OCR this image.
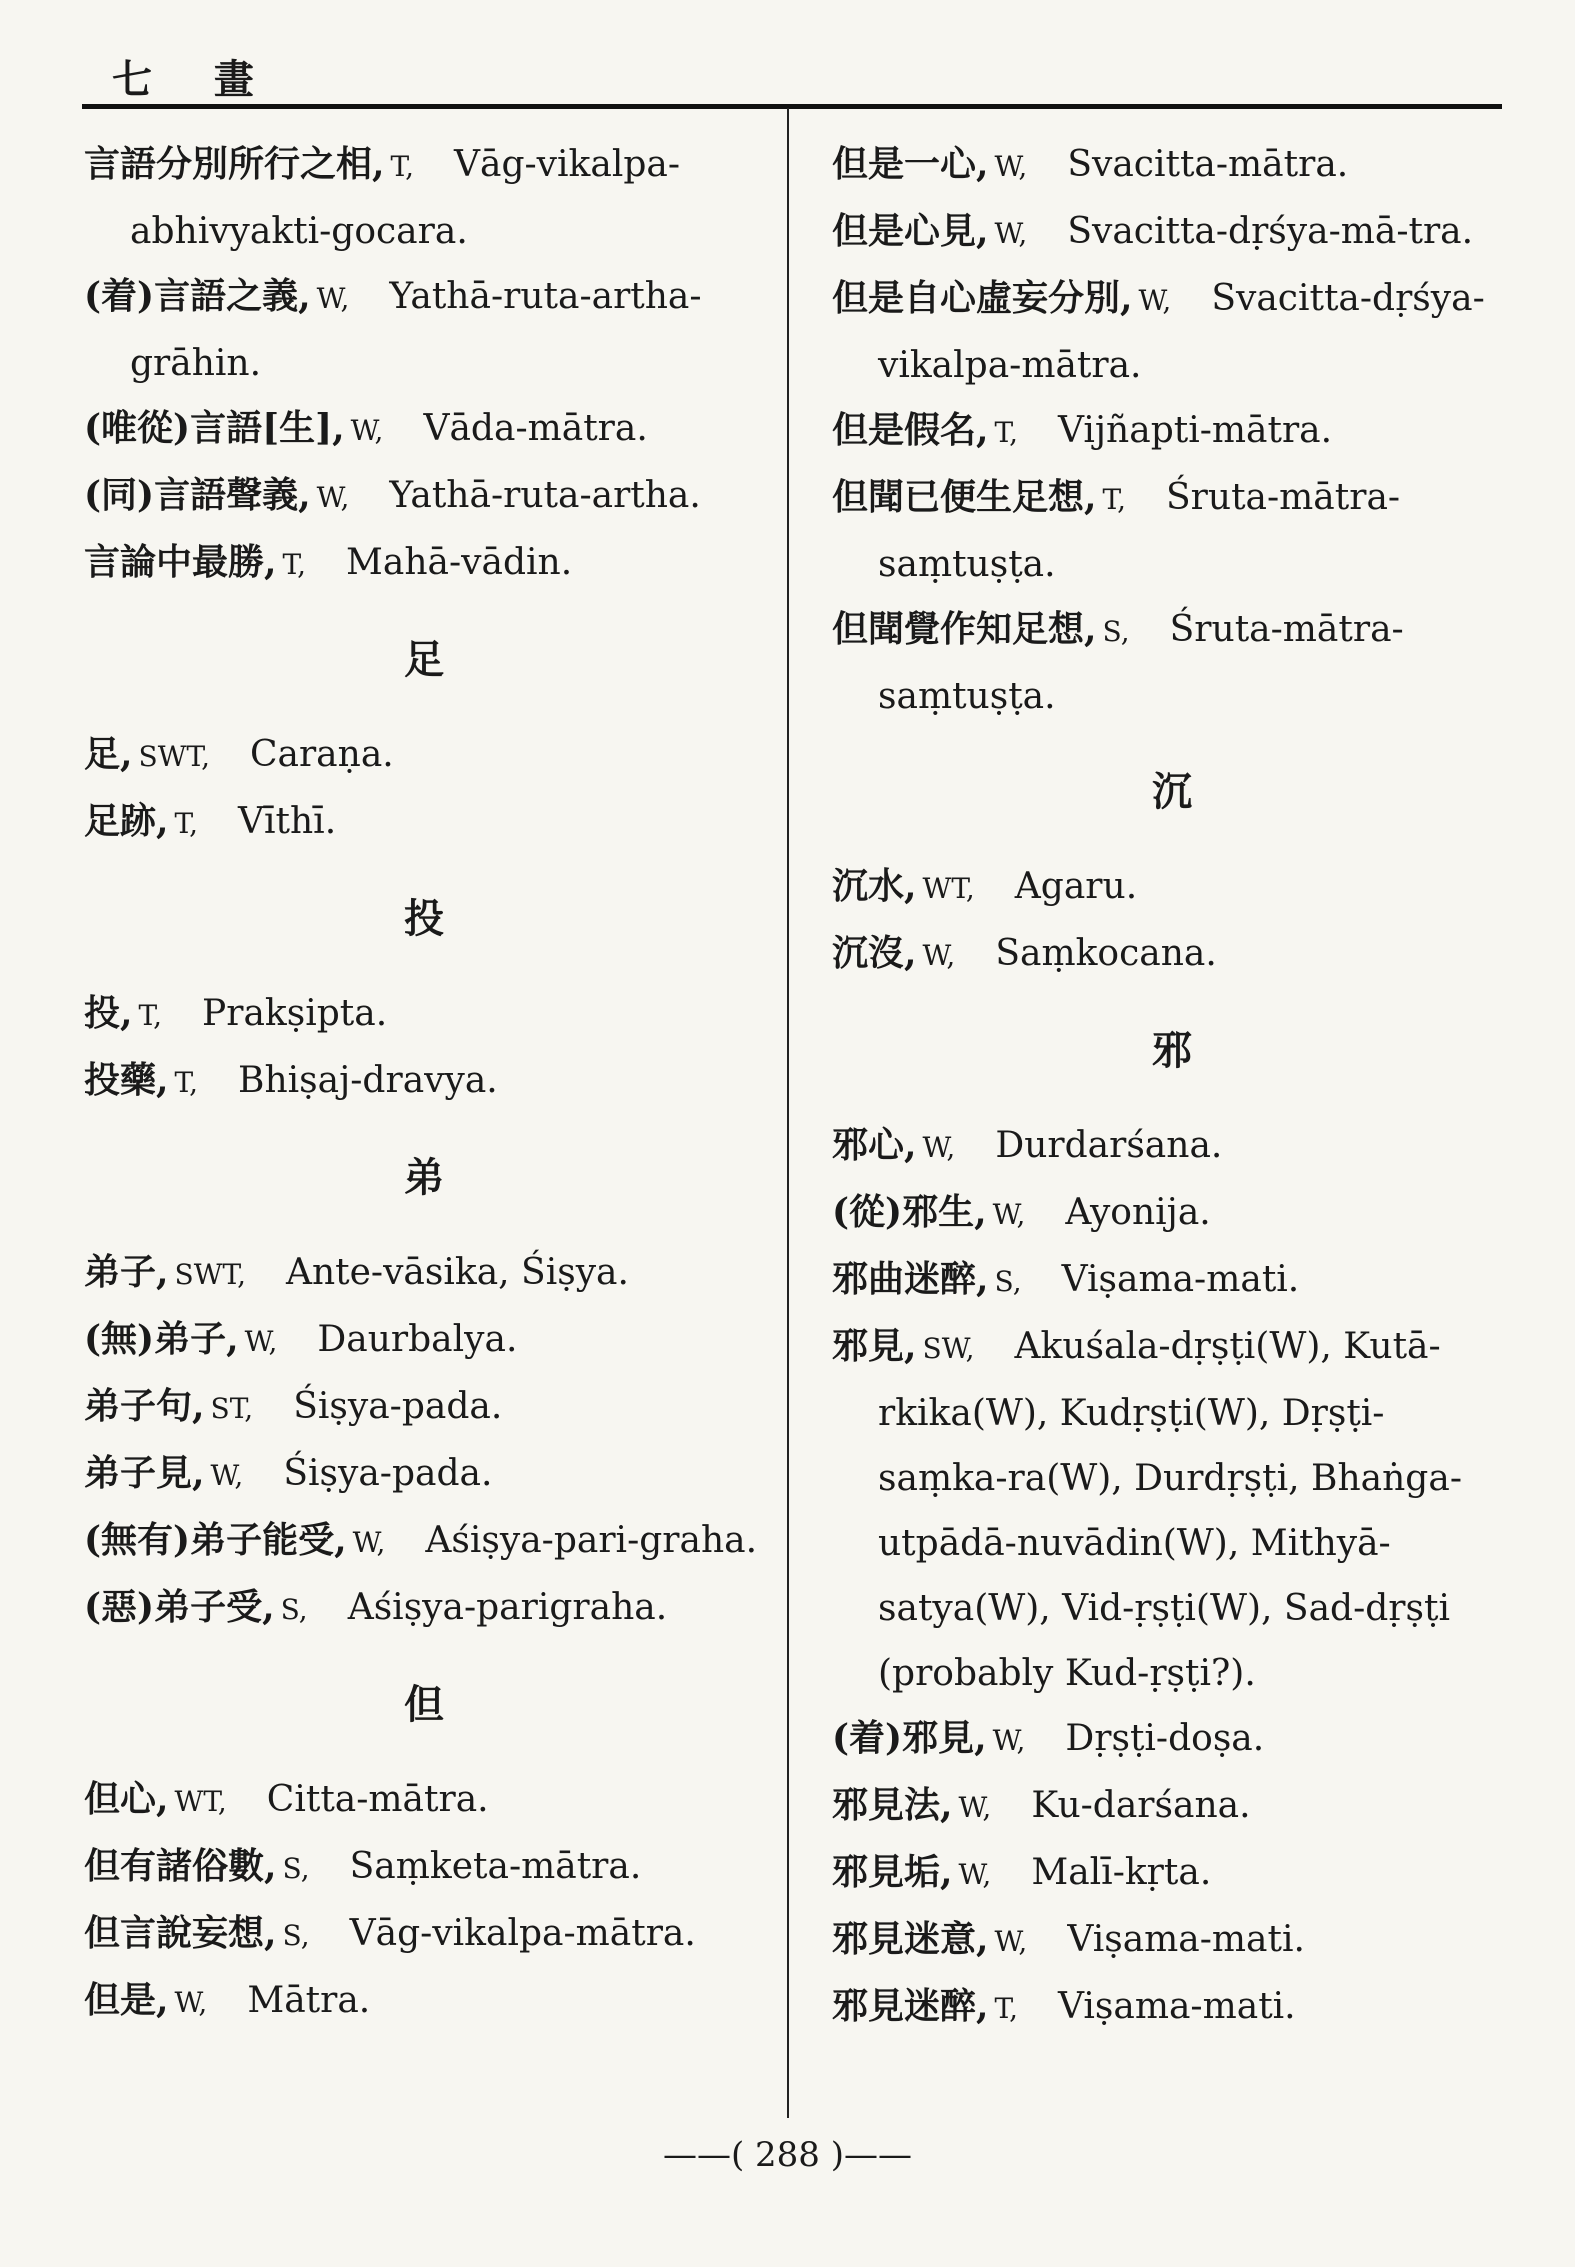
七 畫
言語分別所行之相, T, Vāg-vikalpa-abhivyakti-gocara.
(着)言語之義, W, Yathā-ruta-artha-grāhin.
(唯從)言語[生], W, Vāda-mātra.
(同)言語聲義, W, Yathā-ruta-artha.
言論中最勝, T, Mahā-vādin.
足
足, SWT, Caraṇa.
足跡, T, Vīthī.
投
投, T, Prakṣipta.
投藥, T, Bhiṣaj-dravya.
弟
弟子, SWT, Ante-vāsika, Śiṣya.
(無)弟子, W, Daurbalya.
弟子句, ST, Śiṣya-pada.
弟子見, W, Śiṣya-pada.
(無有)弟子能受, W, Aśiṣya-pari-graha.
(惡)弟子受, S, Aśiṣya-parigraha.
但
但心, WT, Citta-mātra.
但有諸俗數, S, Saṃketa-mātra.
但言說妄想, S, Vāg-vikalpa-mātra.
但是, W, Mātra.
但是一心, W, Svacitta-mātra.
但是心見, W, Svacitta-dṛśya-mā-tra.
但是自心虛妄分別, W, Svacitta-dṛśya-vikalpa-mātra.
但是假名, T, Vijñapti-mātra.
但聞已便生足想, T, Śruta-mātra-saṃtuṣṭa.
但聞覺作知足想, S, Śruta-mātra-saṃtuṣṭa.
沉
沉水, WT, Agaru.
沉沒, W, Saṃkocana.
邪
邪心, W, Durdarśana.
(從)邪生, W, Ayonija.
邪曲迷醉, S, Viṣama-mati.
邪見, SW, Akuśala-dṛṣṭi(W), Kutā-rkika(W), Kudṛṣṭi(W), Dṛṣṭi-saṃka-ra(W), Durdṛṣṭi, Bhaṅga-utpādā-nuvādin(W), Mithyā-satya(W), Vid-ṛṣṭi(W), Sad-dṛṣṭi (probably Kud-ṛṣṭi?).
(着)邪見, W, Dṛṣṭi-doṣa.
邪見法, W, Ku-darśana.
邪見垢, W, Malī-kṛta.
邪見迷意, W, Viṣama-mati.
邪見迷醉, T, Viṣama-mati.
——( 288 )——
